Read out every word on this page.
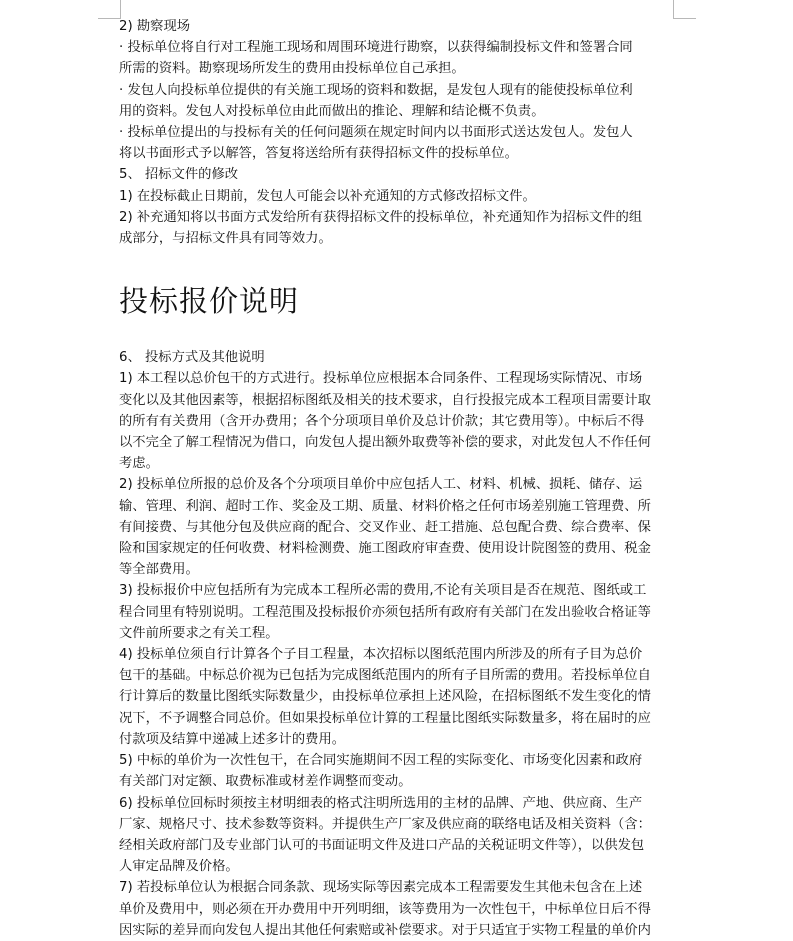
2) 勘察现场

· 投标单位将自行对工程施工现场和周围环境进行勘察，以获得编制投标文件和签署合同

所需的资料。勘察现场所发生的费用由投标单位自己承担。

· 发包人向投标单位提供的有关施工现场的资料和数据，是发包人现有的能使投标单位利

用的资料。发包人对投标单位由此而做出的推论、理解和结论概不负责。

· 投标单位提出的与投标有关的任何问题须在规定时间内以书面形式送达发包人。发包人

将以书面形式予以解答，答复将送给所有获得招标文件的投标单位。

5、 招标文件的修改

1) 在投标截止日期前，发包人可能会以补充通知的方式修改招标文件。

2) 补充通知将以书面方式发给所有获得招标文件的投标单位，补充通知作为招标文件的组

成部分，与招标文件具有同等效力。

投标报价说明

6、 投标方式及其他说明

1) 本工程以总价包干的方式进行。投标单位应根据本合同条件、工程现场实际情况、市场

变化以及其他因素等，根据招标图纸及相关的技术要求，自行投报完成本工程项目需要计取

的所有有关费用（含开办费用；各个分项项目单价及总计价款；其它费用等）。中标后不得

以不完全了解工程情况为借口，向发包人提出额外取费等补偿的要求，对此发包人不作任何

考虑。

2) 投标单位所报的总价及各个分项项目单价中应包括人工、材料、机械、损耗、储存、运

输、管理、利润、超时工作、奖金及工期、质量、材料价格之任何市场差别施工管理费、所

有间接费、与其他分包及供应商的配合、交叉作业、赶工措施、总包配合费、综合费率、保

险和国家规定的任何收费、材料检测费、施工图政府审查费、使用设计院图签的费用、税金

等全部费用。

3) 投标报价中应包括所有为完成本工程所必需的费用,不论有关项目是否在规范、图纸或工

程合同里有特别说明。工程范围及投标报价亦须包括所有政府有关部门在发出验收合格证等

文件前所要求之有关工程。

4) 投标单位须自行计算各个子目工程量，本次招标以图纸范围内所涉及的所有子目为总价

包干的基础。中标总价视为已包括为完成图纸范围内的所有子目所需的费用。若投标单位自

行计算后的数量比图纸实际数量少，由投标单位承担上述风险，在招标图纸不发生变化的情

况下，不予调整合同总价。但如果投标单位计算的工程量比图纸实际数量多，将在届时的应

付款项及结算中递减上述多计的费用。

5) 中标的单价为一次性包干，在合同实施期间不因工程的实际变化、市场变化因素和政府

有关部门对定额、取费标准或材差作调整而变动。

6) 投标单位回标时须按主材明细表的格式注明所选用的主材的品牌、产地、供应商、生产

厂家、规格尺寸、技术参数等资料。并提供生产厂家及供应商的联络电话及相关资料（含：

经相关政府部门及专业部门认可的书面证明文件及进口产品的关税证明文件等），以供发包

人审定品牌及价格。

7) 若投标单位认为根据合同条款、现场实际等因素完成本工程需要发生其他未包含在上述

单价及费用中，则必须在开办费用中开列明细，该等费用为一次性包干，中标单位日后不得

因实际的差异而向发包人提出其他任何索赔或补偿要求。对于只适宜于实物工程量的单价内
